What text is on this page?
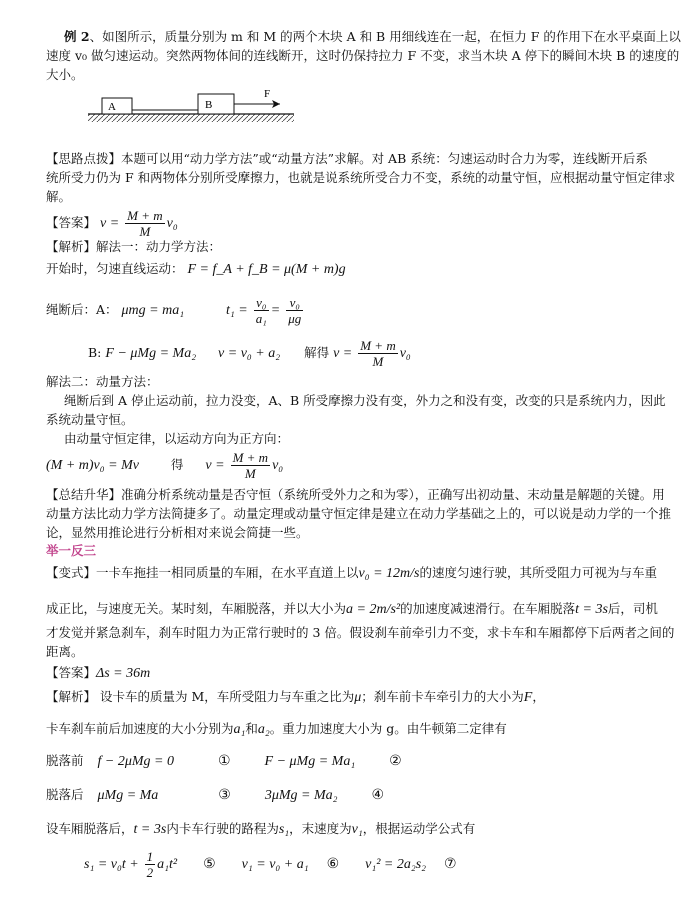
例 2、如图所示，质量分别为 m 和 M 的两个木块 A 和 B 用细线连在一起，在恒力 F 的作用下在水平桌面上以
速度 v₀ 做匀速运动。突然两物体间的连线断开，这时仍保持拉力 F 不变，求当木块 A 停下的瞬间木块 B 的速度的
大小。
A	B
F
【思路点拨】本题可以用“动力学方法”或“动量方法”求解。对 AB 系统：匀速运动时合力为零，连线断开后系
统所受力仍为 F 和两物体分别所受摩擦力，也就是说系统所受合力不变，系统的动量守恒，应根据动量守恒定律求
解。
【答案】 $v = \frac{M + m}{M} v_0$
【解析】解法一：动力学方法：
开始时，匀速直线运动： F = f_A + f_B = μ(M + m)g
绳断后：A： μmg = ma₁	$t_1 = \frac{\text{v₀}}{\text{a₁}} = \frac{\text{v₀}}{\mu g}$
B: F − μMg = Ma₂ v = v₀ + a₂ 解得 $v = \frac{M + m}{M} v_0$
解法二：动量方法：
绳断后到 A 停止运动前，拉力没变，A、B 所受摩擦力没有变，外力之和没有变，改变的只是系统内力，因此
系统动量守恒。
由动量守恒定律，以运动方向为正方向：
(M + m)v₀ = Mv	得 $v = \frac{M + m}{M} v_0$
【总结升华】准确分析系统动量是否守恒（系统所受外力之和为零），正确写出初动量、末动量是解题的关键。用
动量方法比动力学方法简捷多了。动量定理或动量守恒定律是建立在动力学基础之上的，可以说是动力学的一个推
论，显然用推论进行分析相对来说会简捷一些。
举一反三
【变式】一卡车拖挂一相同质量的车厢，在水平直道上以v₀ = 12m/s的速度匀速行驶，其所受阻力可视为与车重
成正比，与速度无关。某时刻，车厢脱落，并以大小为a = 2m/s²的加速度减速滑行。在车厢脱落t = 3s后，司机
才发觉并紧急刹车，刹车时阻力为正常行驶时的 3 倍。假设刹车前牵引力不变，求卡车和车厢都停下后两者之间的
距离。
【答案】Δs = 36m
【解析】 设卡车的质量为 M，车所受阻力与车重之比为μ；刹车前卡车牵引力的大小为F，
卡车刹车前后加速度的大小分别为a₁和a₂。重力加速度大小为 g。由牛顿第二定律有
脱落前 f − 2μMg = 0	① F − μMg = Ma₁ ②
脱落后 μMg = Ma	③ 3μMg = Ma₂ ④
设车厢脱落后，t = 3s内卡车行驶的路程为s₁，末速度为v₁，根据运动学公式有
$s_1 = v_0t + \frac{1}{2} a_1t^2$ ⑤ v₁ = v₀ + a₁ ⑥ v₁² = 2a₂s₂ ⑦
